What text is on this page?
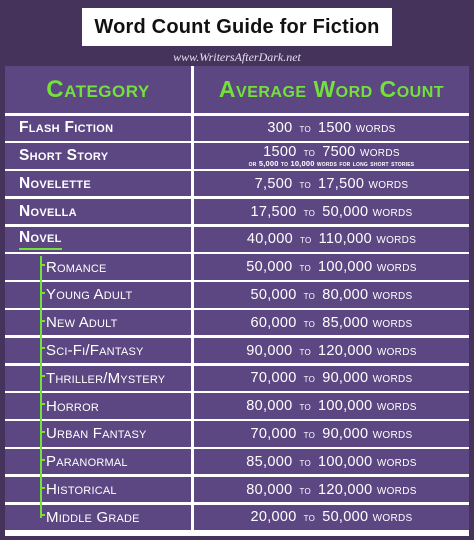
Word Count Guide for Fiction
www.WritersAfterDark.net
Category	Average Word Count
Flash Fiction	300 to 1500 words
Short Story	1500 to 7500 words
or 5,000 to 10,000 words for long short stories
Novelette	7,500 to 17,500 words
Novella	17,500 to 50,000 words
Novel	40,000 to 110,000 words
Romance	50,000 to 100,000 words
Young Adult	50,000 to 80,000 words
New Adult	60,000 to 85,000 words
Sci-Fi/Fantasy	90,000 to 120,000 words
Thriller/Mystery	70,000 to 90,000 words
Horror	80,000 to 100,000 words
Urban Fantasy	70,000 to 90,000 words
Paranormal	85,000 to 100,000 words
Historical	80,000 to 120,000 words
Middle Grade	20,000 to 50,000 words
